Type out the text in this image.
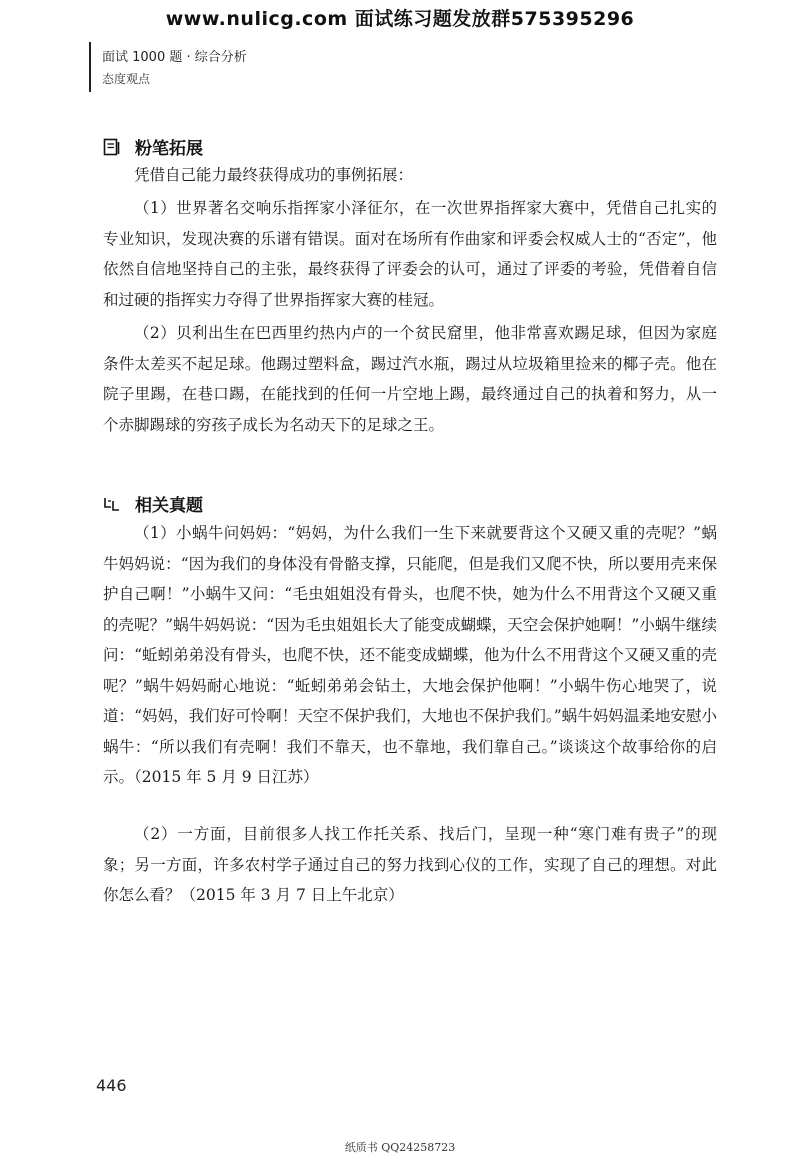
www.nulicg.com 面试练习题发放群575395296
面试 1000 题 · 综合分析
态度观点
粉笔拓展

凭借自己能力最终获得成功的事例拓展：

（1）世界著名交响乐指挥家小泽征尔，在一次世界指挥家大赛中，凭借自己扎实的专业知识，发现决赛的乐谱有错误。面对在场所有作曲家和评委会权威人士的“否定”，他依然自信地坚持自己的主张，最终获得了评委会的认可，通过了评委的考验，凭借着自信和过硬的指挥实力夺得了世界指挥家大赛的桂冠。

（2）贝利出生在巴西里约热内卢的一个贫民窟里，他非常喜欢踢足球，但因为家庭条件太差买不起足球。他踢过塑料盒，踢过汽水瓶，踢过从垃圾箱里捡来的椰子壳。他在院子里踢，在巷口踢，在能找到的任何一片空地上踢，最终通过自己的执着和努力，从一个赤脚踢球的穷孩子成长为名动天下的足球之王。

相关真题

（1）小蜗牛问妈妈：“妈妈，为什么我们一生下来就要背这个又硬又重的壳呢？”蜗牛妈妈说：“因为我们的身体没有骨骼支撑，只能爬，但是我们又爬不快，所以要用壳来保护自己啊！”小蜗牛又问：“毛虫姐姐没有骨头，也爬不快，她为什么不用背这个又硬又重的壳呢？”蜗牛妈妈说：“因为毛虫姐姐长大了能变成蝴蝶，天空会保护她啊！”小蜗牛继续问：“蚯蚓弟弟没有骨头，也爬不快，还不能变成蝴蝶，他为什么不用背这个又硬又重的壳呢？”蜗牛妈妈耐心地说：“蚯蚓弟弟会钻土，大地会保护他啊！”小蜗牛伤心地哭了，说道：“妈妈，我们好可怜啊！天空不保护我们，大地也不保护我们。”蜗牛妈妈温柔地安慰小蜗牛：“所以我们有壳啊！我们不靠天，也不靠地，我们靠自己。”谈谈这个故事给你的启示。（2015 年 5 月 9 日江苏）

（2）一方面，目前很多人找工作托关系、找后门，呈现一种“寒门难有贵子”的现象；另一方面，许多农村学子通过自己的努力找到心仪的工作，实现了自己的理想。对此你怎么看？（2015 年 3 月 7 日上午北京）

446
纸质书 QQ24258723
